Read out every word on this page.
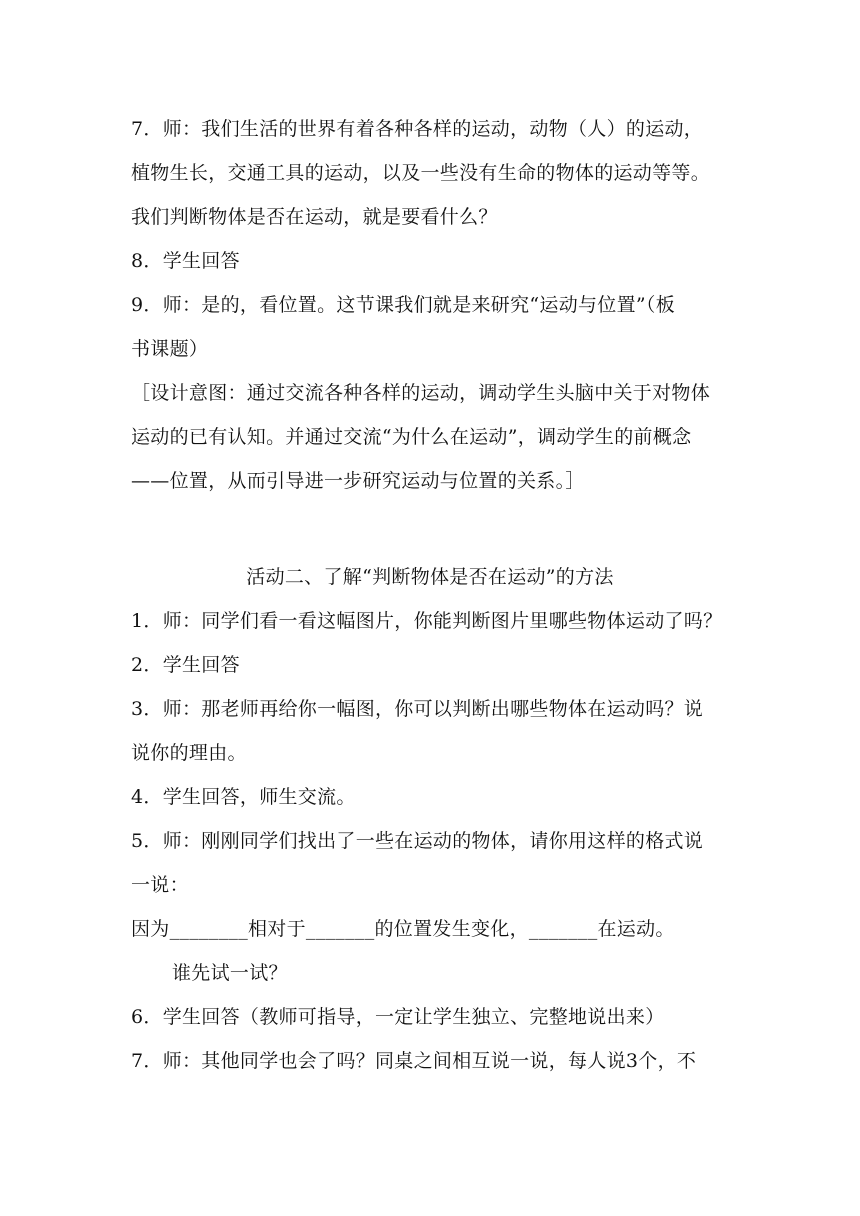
7．师：我们生活的世界有着各种各样的运动，动物（人）的运动，
植物生长，交通工具的运动，以及一些没有生命的物体的运动等等。
我们判断物体是否在运动，就是要看什么？
8．学生回答
9．师：是的，看位置。这节课我们就是来研究“运动与位置”（板
书课题）
［设计意图：通过交流各种各样的运动，调动学生头脑中关于对物体
运动的已有认知。并通过交流“为什么在运动”，调动学生的前概念
——位置，从而引导进一步研究运动与位置的关系。］
活动二、了解“判断物体是否在运动”的方法
1．师：同学们看一看这幅图片，你能判断图片里哪些物体运动了吗？
2．学生回答
3．师：那老师再给你一幅图，你可以判断出哪些物体在运动吗？说
说你的理由。
4．学生回答，师生交流。
5．师：刚刚同学们找出了一些在运动的物体，请你用这样的格式说
一说：
因为________相对于_______的位置发生变化，_______在运动。
谁先试一试？
6．学生回答（教师可指导，一定让学生独立、完整地说出来）
7．师：其他同学也会了吗？同桌之间相互说一说，每人说3个，不
